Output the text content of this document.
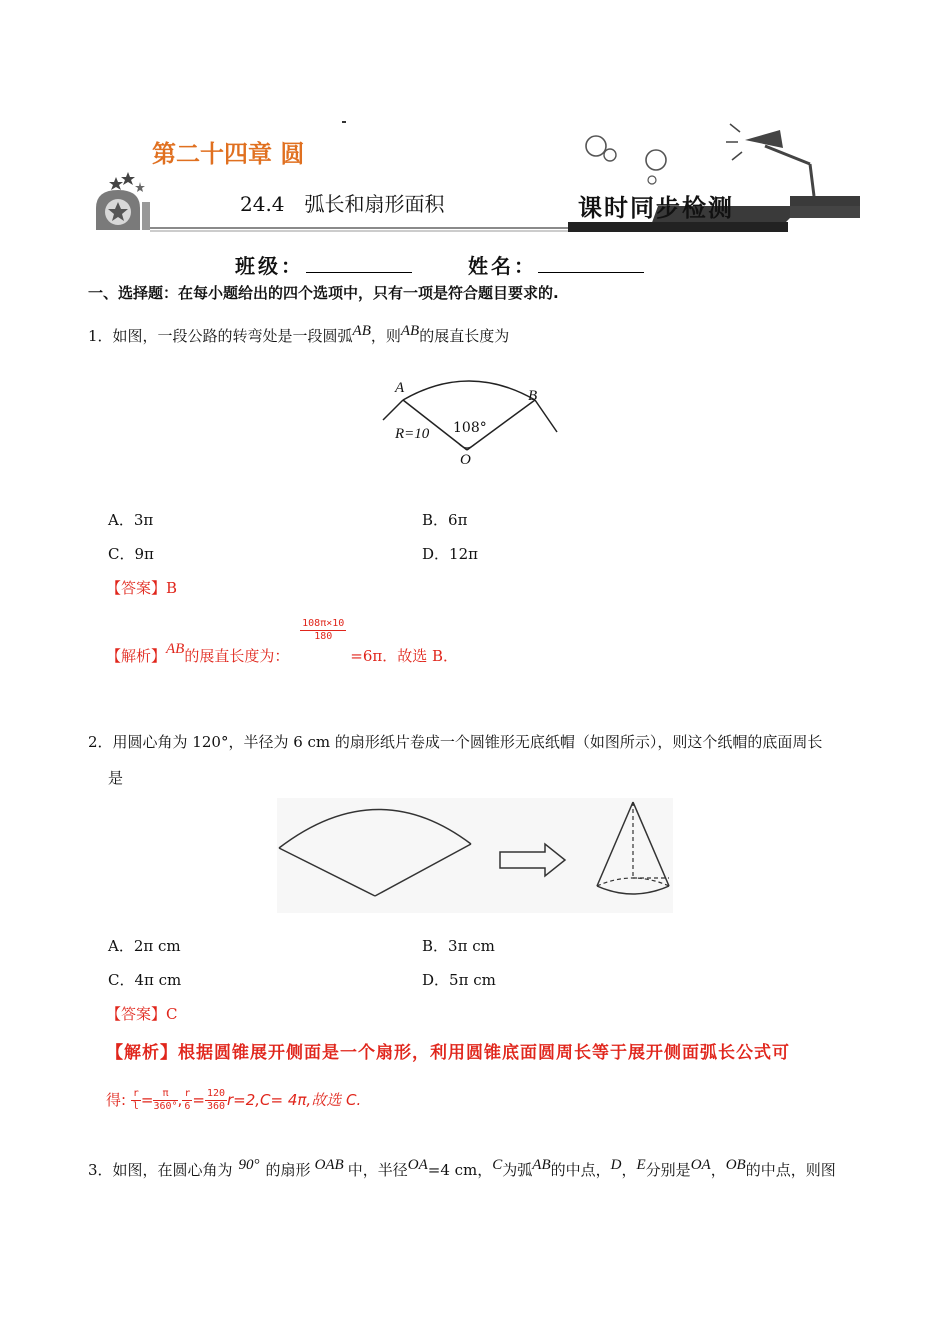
第二十四章 圆
24.4　弧长和扇形面积	课时同步检测
班级：	姓名：
一、选择题：在每小题给出的四个选项中，只有一项是符合题目要求的.
1．如图，一段公路的转弯处是一段圆弧AB，则AB的展直长度为
A	B
O
R=10 108°
A．3π	B．6π
C．9π	D．12π
【答案】B
【解析】AB的展直长度为：
$\frac{108\pi\times 10}{180}$
=6π．故选 B．
2．用圆心角为 120°，半径为 6 cm 的扇形纸片卷成一个圆锥形无底纸帽（如图所示），则这个纸帽的底面周长
是
A．2π cm	B．3π cm
C．4π cm	D．5π cm
【答案】C
【解析】根据圆锥展开侧面是一个扇形，利用圆锥底面圆周长等于展开侧面弧长公式可
得: $\frac{r}{l} = \frac{\pi}{360^\circ}$ , $\frac{r}{6} = \frac{120}{360} r=2,C= 4\pi$,故选 C.
3．如图，在圆心角为 90° 的扇形 OAB 中，半径OA=4 cm，C为弧AB的中点，D，E分别是OA，OB的中点，则图
